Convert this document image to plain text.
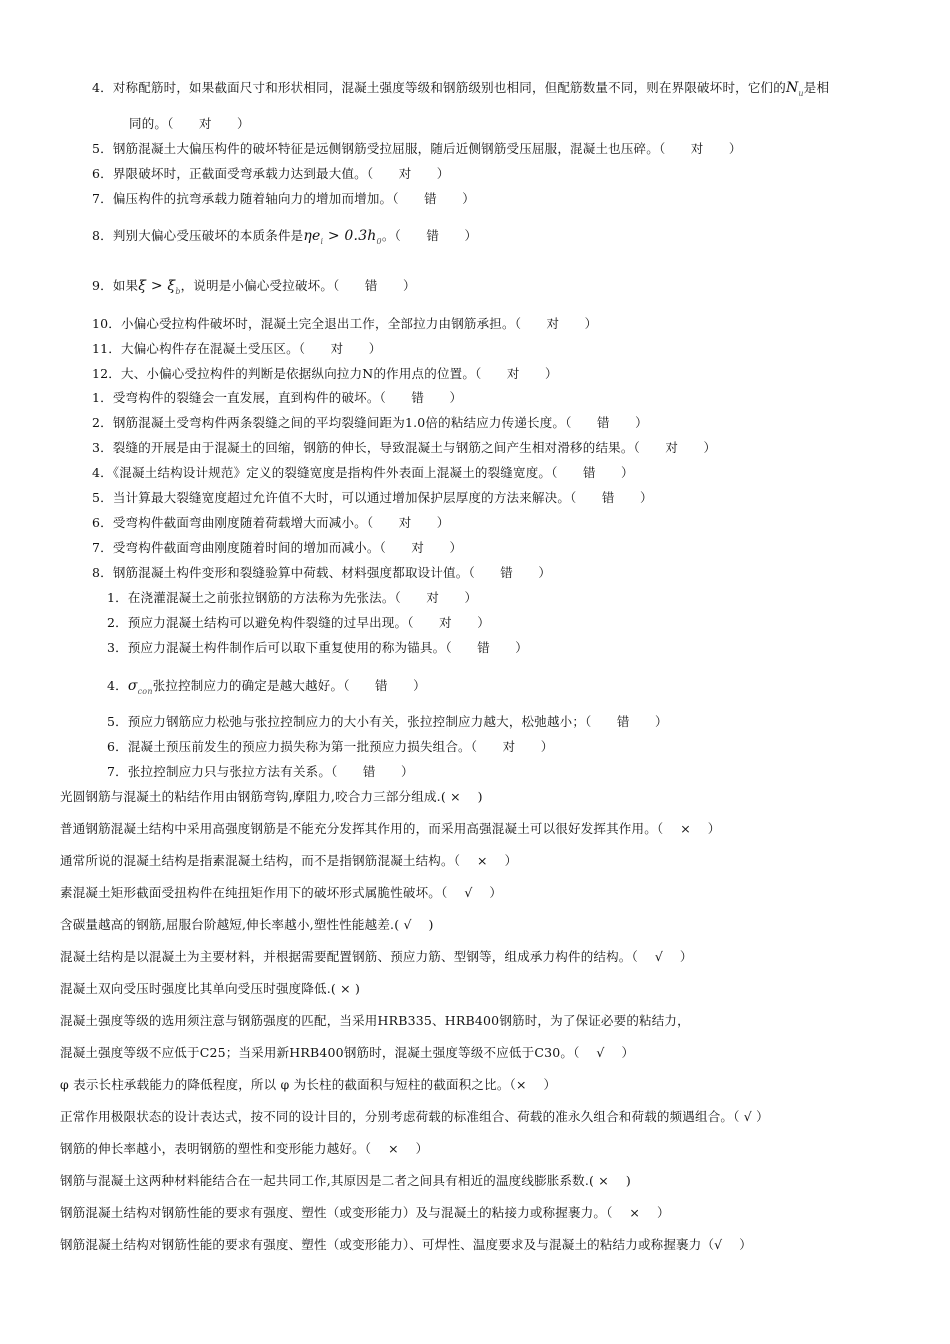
4．对称配筋时，如果截面尺寸和形状相同，混凝土强度等级和钢筋级别也相同，但配筋数量不同，则在界限破坏时，它们的$N_u$是相
同的。（　　对　　）
5．钢筋混凝土大偏压构件的破坏特征是远侧钢筋受拉屈服，随后近侧钢筋受压屈服，混凝土也压碎。（　　对　　）
6．界限破坏时，正截面受弯承载力达到最大值。（　　对　　）
7．偏压构件的抗弯承载力随着轴向力的增加而增加。（　　错　　）
8．判别大偏心受压破坏的本质条件是$\eta e_i > 0.3h_0$。（　　错　　）
9．如果$\xi > \xi_b$，说明是小偏心受拉破坏。（　　错　　）
10．小偏心受拉构件破坏时，混凝土完全退出工作，全部拉力由钢筋承担。（　　对　　）
11．大偏心构件存在混凝土受压区。（　　对　　）
12．大、小偏心受拉构件的判断是依据纵向拉力N的作用点的位置。（　　对　　）
1．受弯构件的裂缝会一直发展，直到构件的破坏。（　　错　　）
2．钢筋混凝土受弯构件两条裂缝之间的平均裂缝间距为1.0倍的粘结应力传递长度。（　　错　　）
3．裂缝的开展是由于混凝土的回缩，钢筋的伸长，导致混凝土与钢筋之间产生相对滑移的结果。（　　对　　）
4．《混凝土结构设计规范》定义的裂缝宽度是指构件外表面上混凝土的裂缝宽度。（　　错　　）
5．当计算最大裂缝宽度超过允许值不大时，可以通过增加保护层厚度的方法来解决。（　　错　　）
6．受弯构件截面弯曲刚度随着荷载增大而减小。（　　对　　）
7．受弯构件截面弯曲刚度随着时间的增加而减小。（　　对　　）
8．钢筋混凝土构件变形和裂缝验算中荷载、材料强度都取设计值。（　　错　　）
1．在浇灌混凝土之前张拉钢筋的方法称为先张法。（　　对　　）
2．预应力混凝土结构可以避免构件裂缝的过早出现。（　　对　　）
3．预应力混凝土构件制作后可以取下重复使用的称为锚具。（　　错　　）
4．$\sigma_{con}$张拉控制应力的确定是越大越好。（　　错　　）
5．预应力钢筋应力松弛与张拉控制应力的大小有关，张拉控制应力越大，松弛越小；（　　错　　）
6．混凝土预压前发生的预应力损失称为第一批预应力损失组合。（　　对　　）
7．张拉控制应力只与张拉方法有关系。（　　错　　）
光圆钢筋与混凝土的粘结作用由钢筋弯钩,摩阻力,咬合力三部分组成.( ×　 )
普通钢筋混凝土结构中采用高强度钢筋是不能充分发挥其作用的，而采用高强混凝土可以很好发挥其作用。（　 ×　 ）
通常所说的混凝土结构是指素混凝土结构，而不是指钢筋混凝土结构。（　 ×　 ）
素混凝土矩形截面受扭构件在纯扭矩作用下的破坏形式属脆性破坏。（　 √　 ）
含碳量越高的钢筋,屈服台阶越短,伸长率越小,塑性性能越差.( √　 )
混凝土结构是以混凝土为主要材料，并根据需要配置钢筋、预应力筋、型钢等，组成承力构件的结构。（　 √　 ）
混凝土双向受压时强度比其单向受压时强度降低.( × )
混凝土强度等级的选用须注意与钢筋强度的匹配，当采用HRB335、HRB400钢筋时，为了保证必要的粘结力，
混凝土强度等级不应低于C25；当采用新HRB400钢筋时，混凝土强度等级不应低于C30。（　 √　 ）
φ 表示长柱承载能力的降低程度，所以 φ 为长柱的截面积与短柱的截面积之比。（×　 ）
正常作用极限状态的设计表达式，按不同的设计目的，分别考虑荷载的标准组合、荷载的准永久组合和荷载的频遇组合。（ √ ）
钢筋的伸长率越小，表明钢筋的塑性和变形能力越好。（　 ×　 ）
钢筋与混凝土这两种材料能结合在一起共同工作,其原因是二者之间具有相近的温度线膨胀系数.( ×　 )
钢筋混凝土结构对钢筋性能的要求有强度、塑性（或变形能力）及与混凝土的粘接力或称握裹力。（　 ×　 ）
钢筋混凝土结构对钢筋性能的要求有强度、塑性（或变形能力）、可焊性、温度要求及与混凝土的粘结力或称握裹力（√　 ）
